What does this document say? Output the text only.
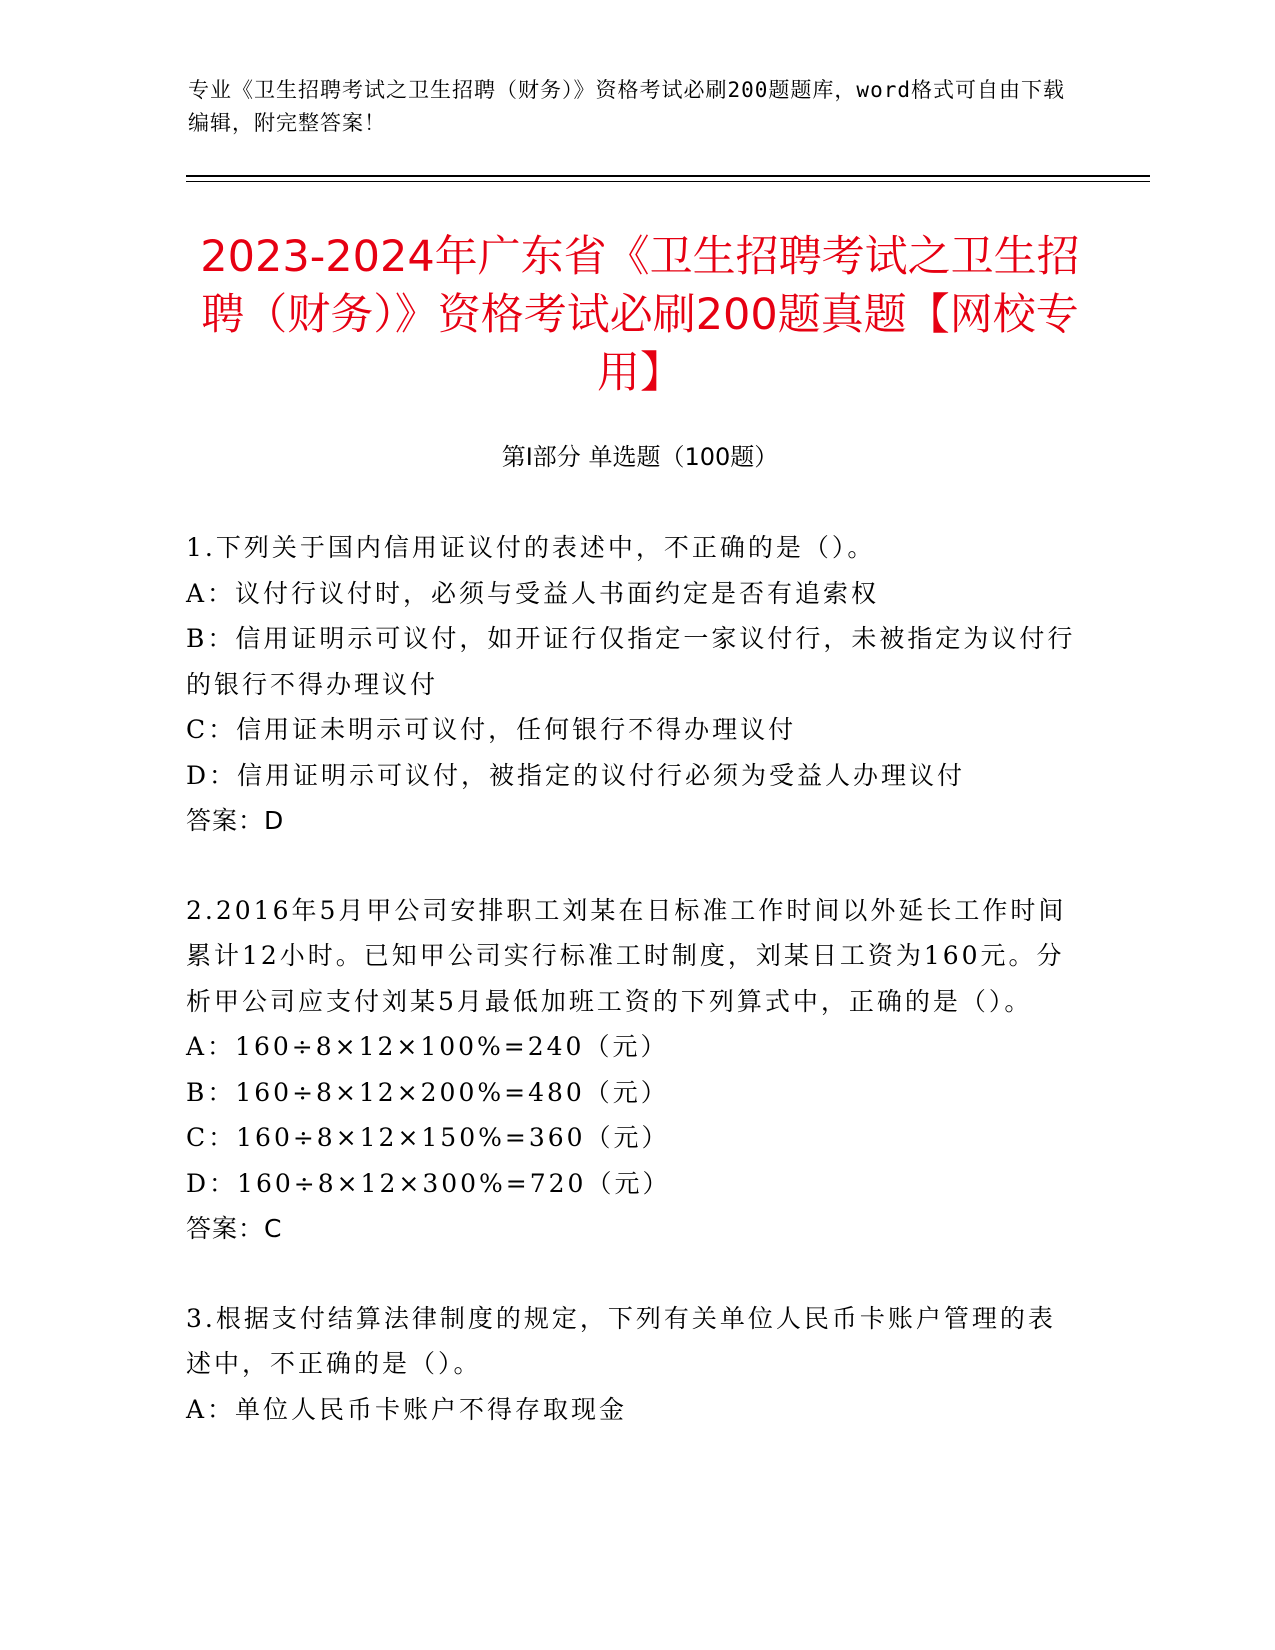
专业《卫生招聘考试之卫生招聘（财务）》资格考试必刷200题题库，word格式可自由下载编辑，附完整答案！
2023-2024年广东省《卫生招聘考试之卫生招聘（财务）》资格考试必刷200题真题【网校专用】
第I部分 单选题（100题）

1.下列关于国内信用证议付的表述中，不正确的是（）。

A：议付行议付时，必须与受益人书面约定是否有追索权

B：信用证明示可议付，如开证行仅指定一家议付行，未被指定为议付行的银行不得办理议付

C：信用证未明示可议付，任何银行不得办理议付

D：信用证明示可议付，被指定的议付行必须为受益人办理议付

答案：D

2.2016年5月甲公司安排职工刘某在日标准工作时间以外延长工作时间累计12小时。已知甲公司实行标准工时制度，刘某日工资为160元。分析甲公司应支付刘某5月最低加班工资的下列算式中，正确的是（）。

A：160÷8×12×100%=240（元）

B：160÷8×12×200%=480（元）

C：160÷8×12×150%=360（元）

D：160÷8×12×300%=720（元）

答案：C

3.根据支付结算法律制度的规定，下列有关单位人民币卡账户管理的表述中，不正确的是（）。

A：单位人民币卡账户不得存取现金
